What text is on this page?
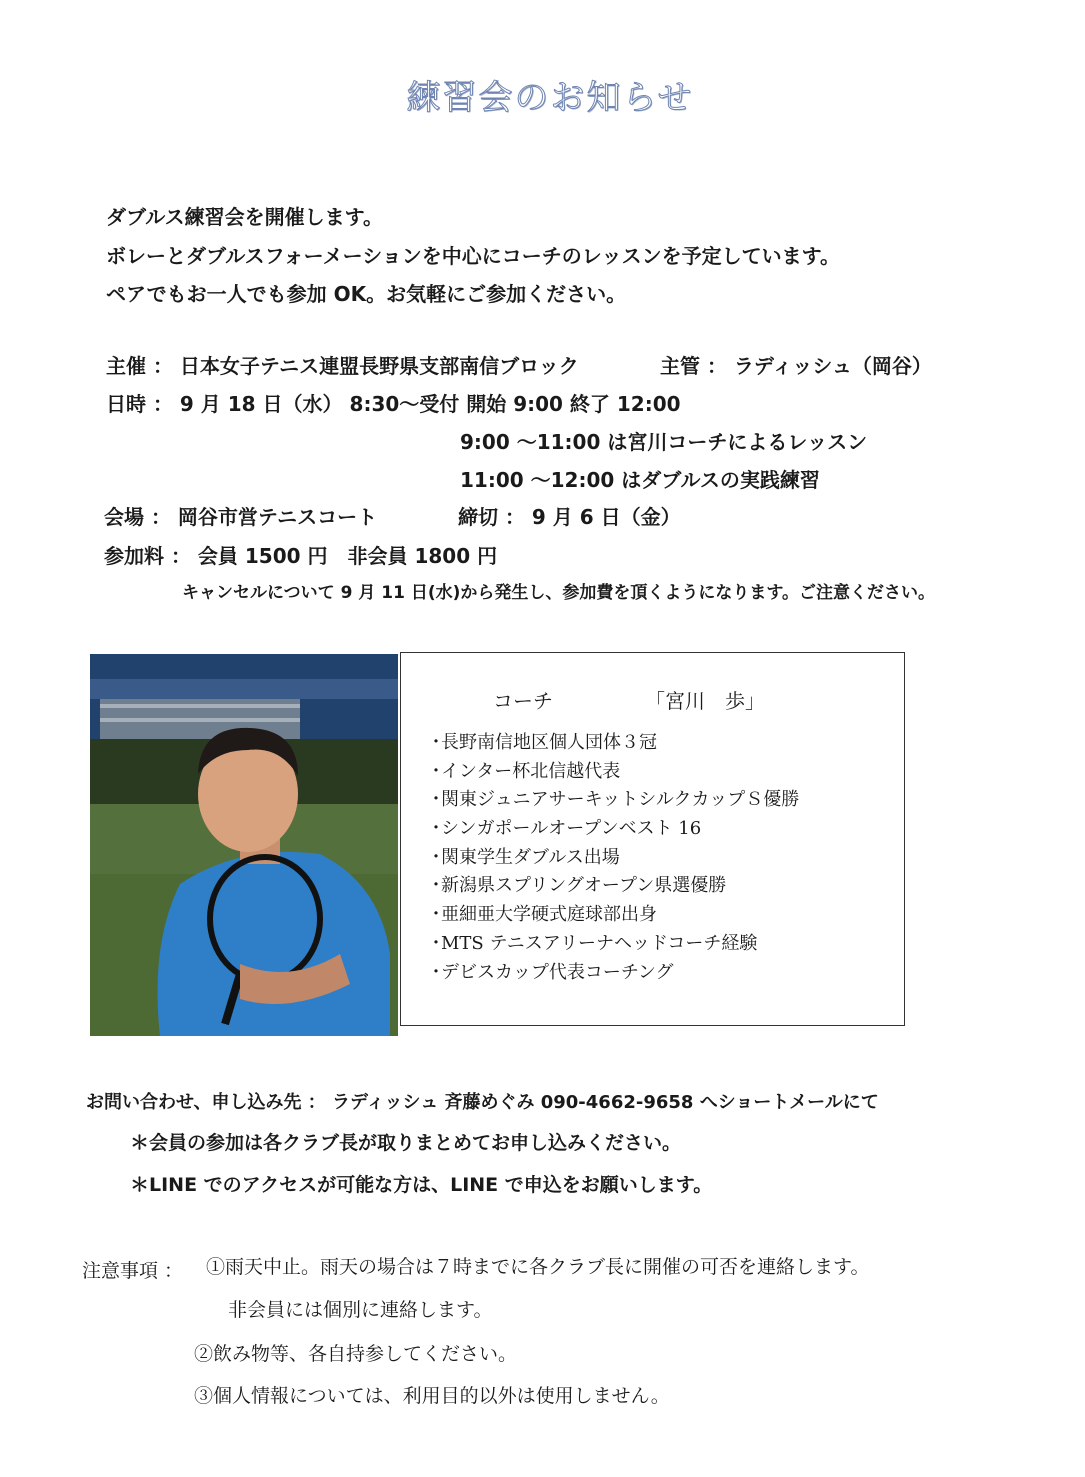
練習会のお知らせ
ダブルス練習会を開催します。
ボレーとダブルスフォーメーションを中心にコーチのレッスンを予定しています。
ペアでもお一人でも参加 OK。お気軽にご参加ください。
主催 ： 日本女子テニス連盟長野県支部南信ブロック	主管 ： ラディッシュ（岡谷）
日時 ： 9 月 18 日（水） 8:30～受付 開始 9:00 終了 12:00
9:00 ～11:00 は宮川コーチによるレッスン
11:00 ～12:00 はダブルスの実践練習
会場 ： 岡谷市営テニスコート	締切 ： 9 月 6 日（金）
参加料 ： 会員 1500 円　非会員 1800 円
キャンセルについて 9 月 11 日(水)から発生し、参加費を頂くようになります。ご注意ください。
コーチ	「宮川　歩」
・長野南信地区個人団体３冠
・インター杯北信越代表
・関東ジュニアサーキットシルクカップＳ優勝
・シンガポールオープンベスト 16
・関東学生ダブルス出場
・新潟県スプリングオープン県選優勝
・亜細亜大学硬式庭球部出身
・MTS テニスアリーナヘッドコーチ経験
・デビスカップ代表コーチング
お問い合わせ、申し込み先 ： ラディッシュ 斉藤めぐみ 090-4662-9658 へショートメールにて
＊会員の参加は各クラブ長が取りまとめてお申し込みください。
＊LINE でのアクセスが可能な方は、LINE で申込をお願いします。
注意事項 ： ①雨天中止。雨天の場合は７時までに各クラブ長に開催の可否を連絡します。
非会員には個別に連絡します。
②飲み物等、各自持参してください。
③個人情報については、利用目的以外は使用しません。
